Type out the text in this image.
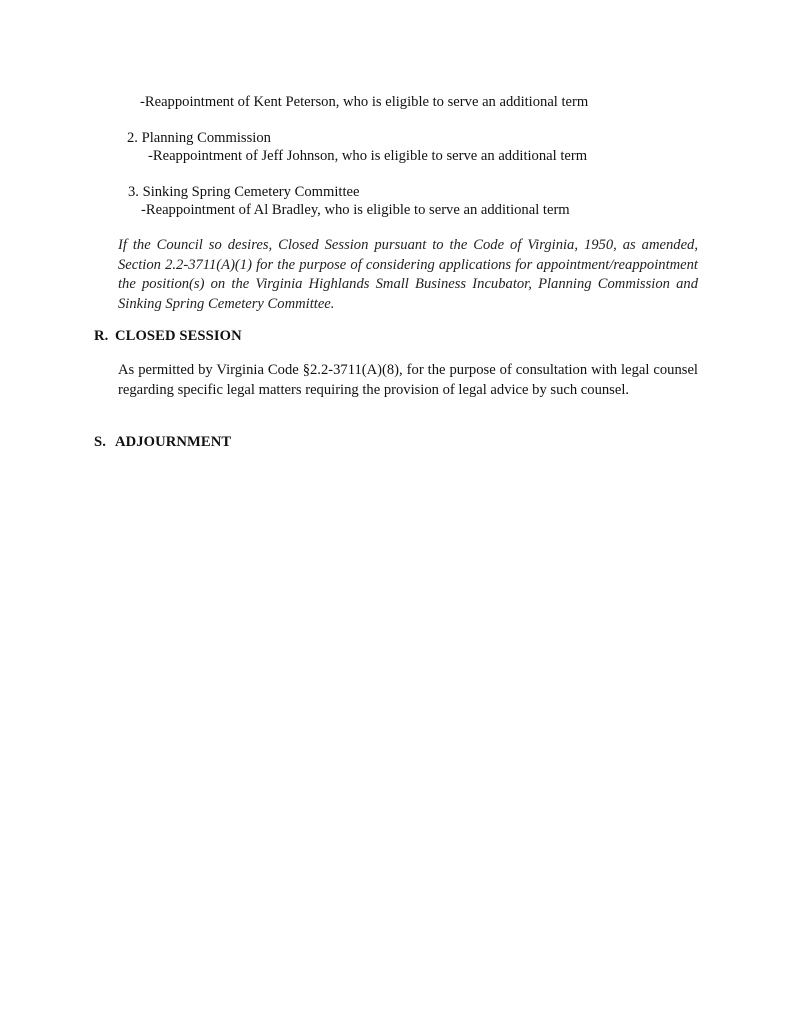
-Reappointment of Kent Peterson, who is eligible to serve an additional term
2. Planning Commission
-Reappointment of Jeff Johnson, who is eligible to serve an additional term
3. Sinking Spring Cemetery Committee
-Reappointment of Al Bradley, who is eligible to serve an additional term
If the Council so desires, Closed Session pursuant to the Code of Virginia, 1950, as amended, Section 2.2-3711(A)(1) for the purpose of considering applications for appointment/reappointment the position(s) on the Virginia Highlands Small Business Incubator, Planning Commission and Sinking Spring Cemetery Committee.
R. CLOSED SESSION
As permitted by Virginia Code §2.2-3711(A)(8), for the purpose of consultation with legal counsel regarding specific legal matters requiring the provision of legal advice by such counsel.
S. ADJOURNMENT
